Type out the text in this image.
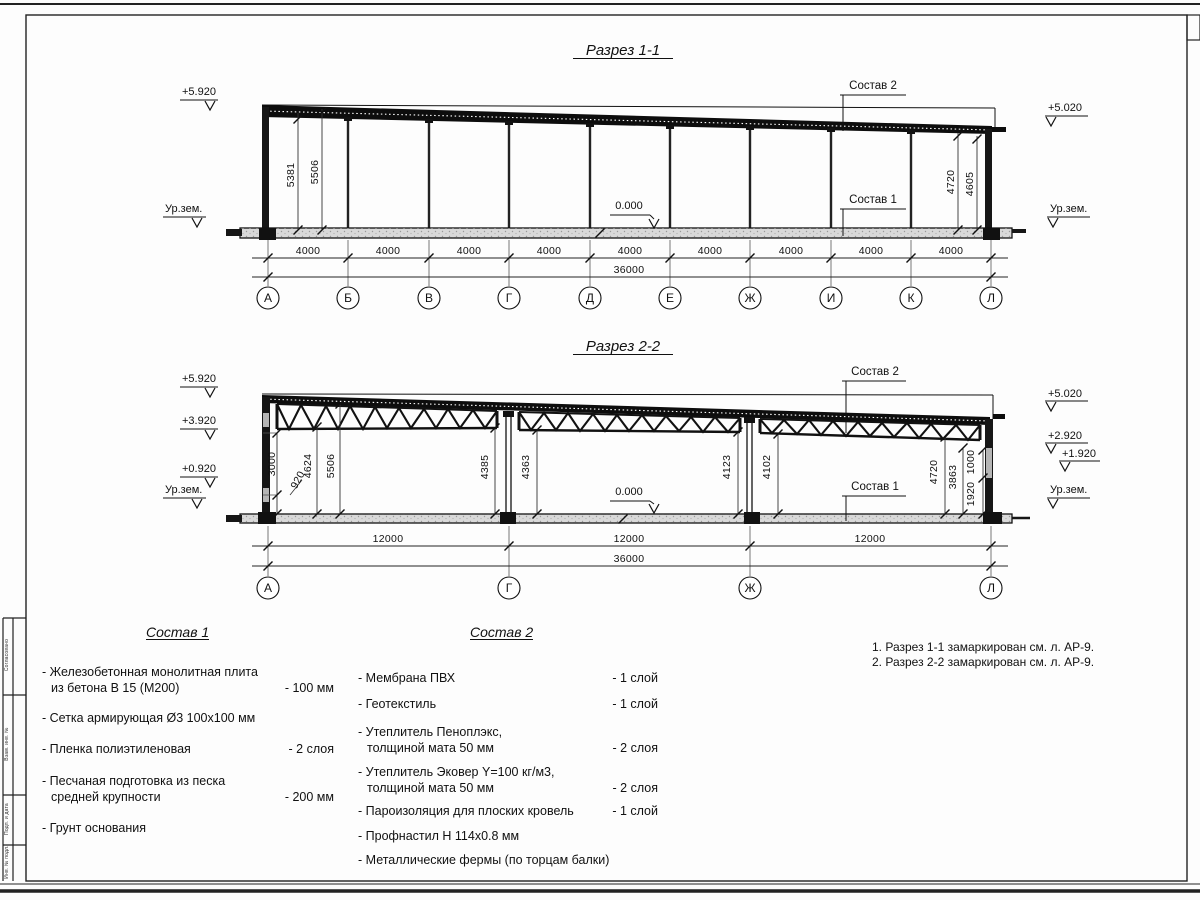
Разрез 1-1
+5.920
Ур.зем.
+5.020
Ур.зем.
0.000
Состав 2
Состав 1
5381 5506	4720 4605
4000	4000	4000	4000	4000	4000	4000	4000	4000
36000
А	Б	В	Г	Д	Е	Ж	И	К	Л
Разрез 2-2
+5.920
+3.920
+0.920
Ур.зем.
+5.020
+2.920
+1.920
Ур.зем.
0.000
Состав 2
Состав 1
3000
920
4624 5506	4385	4363	4123	4102	4720 3863
1000
1920
12000	12000	12000
36000
А	Г	Ж	Л
Состав 1
- Железобетонная монолитная плита
из бетона В 15 (М200)	- 100 мм
- Сетка армирующая Ø3 100х100 мм
- Пленка полиэтиленовая	- 2 слоя
- Песчаная подготовка из песка
средней крупности	- 200 мм
- Грунт основания
Состав 2
- Мембрана ПВХ	- 1 слой
- Геотекстиль	- 1 слой
- Утеплитель Пеноплэкс,
толщиной мата 50 мм	- 2 слоя
- Утеплитель Эковер Y=100 кг/м3,
толщиной мата 50 мм	- 2 слоя
- Пароизоляция для плоских кровель	- 1 слой
- Профнастил Н 114х0.8 мм
- Металлические фермы (по торцам балки)
1. Разрез 1-1 замаркирован см. л. АР-9.
2. Разрез 2-2 замаркирован см. л. АР-9.
Согласовано
Взам. инв. №
Подп. и дата
Инв. № подл.
